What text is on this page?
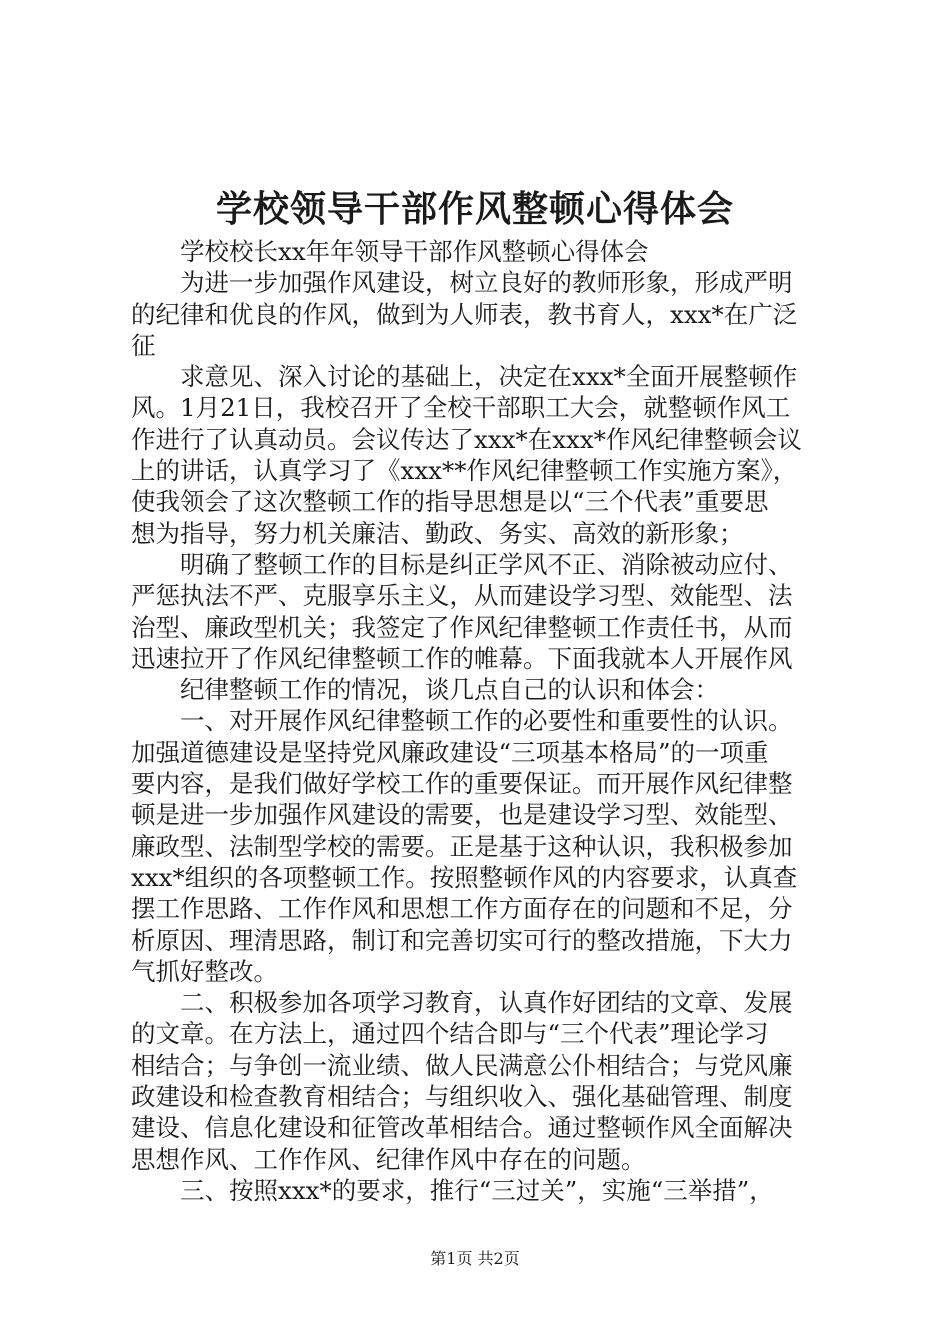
学校领导干部作风整顿心得体会
学校校长xx年年领导干部作风整顿心得体会
为进一步加强作风建设，树立良好的教师形象，形成严明
的纪律和优良的作风，做到为人师表，教书育人，xxx*在广泛
征
求意见、深入讨论的基础上，决定在xxx*全面开展整顿作
风。1月21日，我校召开了全校干部职工大会，就整顿作风工
作进行了认真动员。会议传达了xxx*在xxx*作风纪律整顿会议
上的讲话，认真学习了《xxx**作风纪律整顿工作实施方案》，
使我领会了这次整顿工作的指导思想是以“三个代表”重要思
想为指导，努力机关廉洁、勤政、务实、高效的新形象；
明确了整顿工作的目标是纠正学风不正、消除被动应付、
严惩执法不严、克服享乐主义，从而建设学习型、效能型、法
治型、廉政型机关；我签定了作风纪律整顿工作责任书，从而
迅速拉开了作风纪律整顿工作的帷幕。下面我就本人开展作风
纪律整顿工作的情况，谈几点自己的认识和体会：
一、对开展作风纪律整顿工作的必要性和重要性的认识。
加强道德建设是坚持党风廉政建设“三项基本格局”的一项重
要内容，是我们做好学校工作的重要保证。而开展作风纪律整
顿是进一步加强作风建设的需要，也是建设学习型、效能型、
廉政型、法制型学校的需要。正是基于这种认识，我积极参加
xxx*组织的各项整顿工作。按照整顿作风的内容要求，认真查
摆工作思路、工作作风和思想工作方面存在的问题和不足，分
析原因、理清思路，制订和完善切实可行的整改措施，下大力
气抓好整改。
二、积极参加各项学习教育，认真作好团结的文章、发展
的文章。在方法上，通过四个结合即与“三个代表”理论学习
相结合；与争创一流业绩、做人民满意公仆相结合；与党风廉
政建设和检查教育相结合；与组织收入、强化基础管理、制度
建设、信息化建设和征管改革相结合。通过整顿作风全面解决
思想作风、工作作风、纪律作风中存在的问题。
三、按照xxx*的要求，推行“三过关”，实施“三举措”，
第1页 共2页
